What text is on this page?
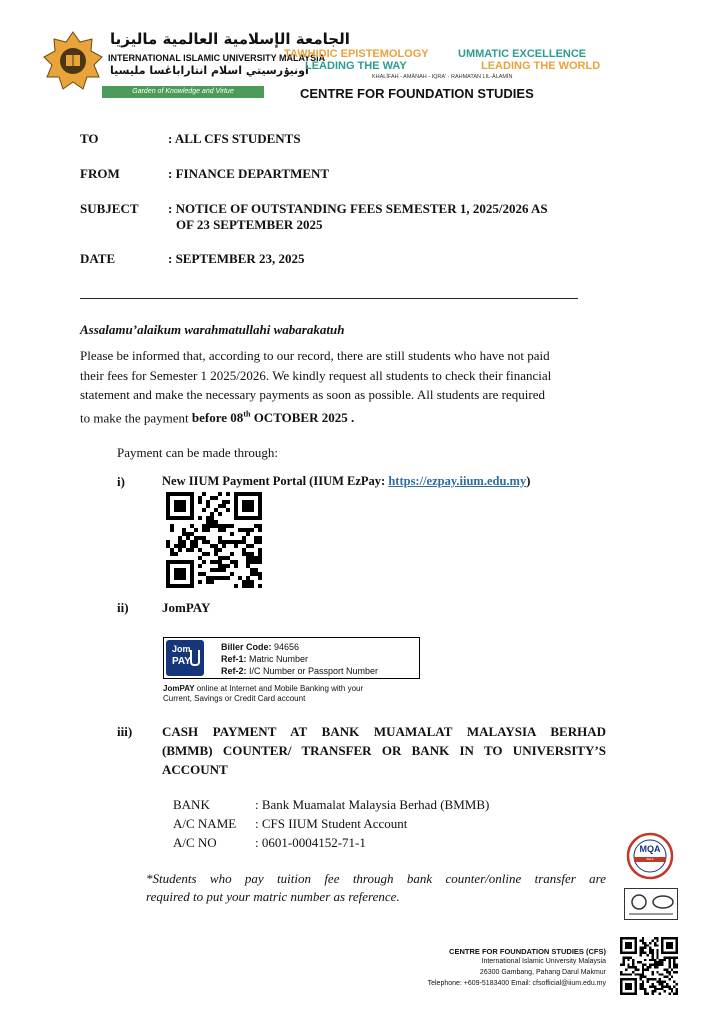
الجامعة الإسلامية العالمية ماليزيا
INTERNATIONAL ISLAMIC UNIVERSITY MALAYSIA
اونيۏرسيتي اسلام انتاراباڠسا مليسيا
Garden of Knowledge and Virtue
TAWHIDIC EPISTEMOLOGY
LEADING THE WAY
UMMATIC EXCELLENCE
LEADING THE WORLD
KHALĪFAH - AMĀNAH - IQRA' - RAHMATAN LIL-ĀLAMĪN
CENTRE FOR FOUNDATION STUDIES
TO	: ALL CFS STUDENTS
FROM	: FINANCE DEPARTMENT
SUBJECT : NOTICE OF OUTSTANDING FEES SEMESTER 1, 2025/2026 AS
OF 23 SEPTEMBER 2025
DATE	: SEPTEMBER 23, 2025
Assalamu’alaikum warahmatullahi wabarakatuh
Please be informed that, according to our record, there are still students who have not paid
their fees for Semester 1 2025/2026. We kindly request all students to check their financial
statement and make the necessary payments as soon as possible. All students are required
to make the payment before 08th OCTOBER 2025 .
Payment can be made through:
i)	New IIUM Payment Portal (IIUM EzPay: https://ezpay.iium.edu.my)
ii)	JomPAY
Jom
PAY
Biller Code: 94656
Ref-1: Matric Number
Ref-2: I/C Number or Passport Number
JomPAY online at Internet and Mobile Banking with your
Current, Savings or Credit Card account
iii) CASH PAYMENT AT BANK MUAMALAT MALAYSIA BERHAD
(BMMB) COUNTER/ TRANSFER OR BANK IN TO UNIVERSITY’S
ACCOUNT
BANK	: Bank Muamalat Malaysia Berhad (BMMB)
A/C NAME : CFS IIUM Student Account
A/C NO	: 0601-0004152-71-1
*Students who pay tuition fee through bank counter/online transfer are
required to put your matric number as reference.
MQA
SELF ACCREDITATION
CENTRE FOR FOUNDATION STUDIES (CFS)
International Islamic University Malaysia
26300 Gambang, Pahang Darul Makmur
Telephone: +609-5183400 Email: cfsofficial@iium.edu.my
